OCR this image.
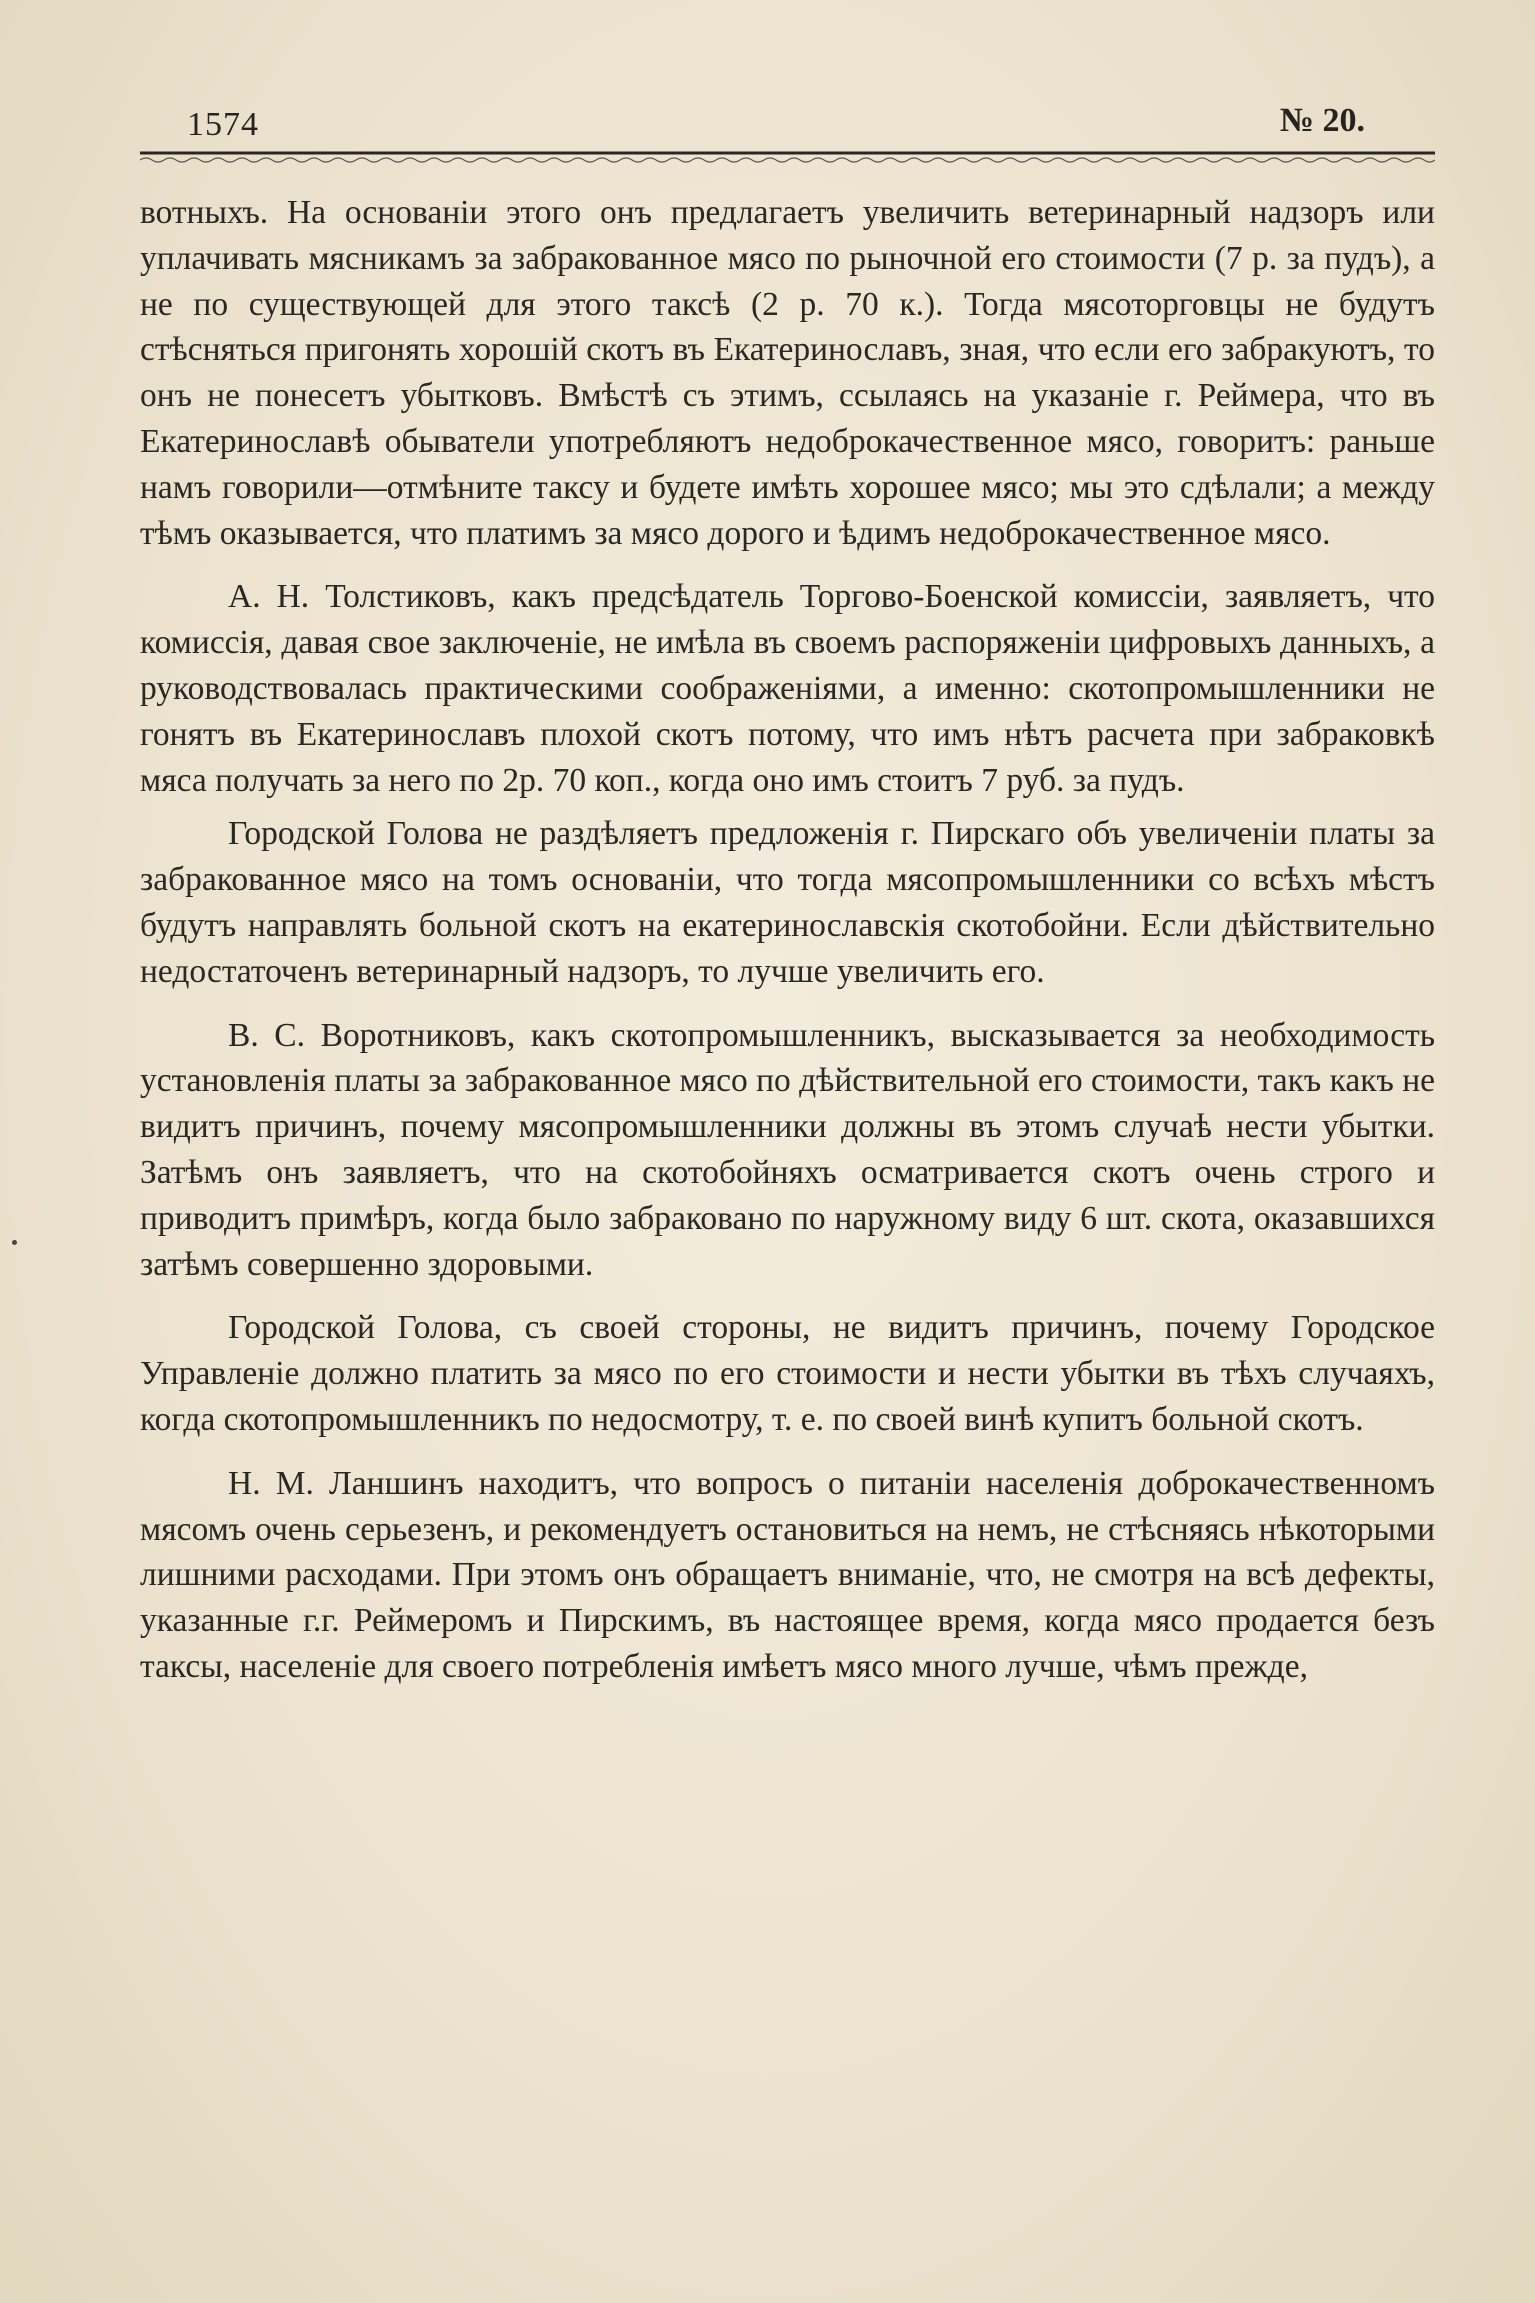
1574	№ 20.

вотныхъ. На основаніи этого онъ предлагаетъ увеличить ветеринарный надзоръ или уплачивать мясникамъ за забракованное мясо по рыночной его стоимости (7 р. за пудъ), а не по существующей для этого таксѣ (2 р. 70 к.). Тогда мясоторговцы не будутъ стѣсняться пригонять хорошій скотъ въ Екатеринославъ, зная, что если его забракуютъ, то онъ не понесетъ убытковъ. Вмѣстѣ съ этимъ, ссылаясь на указаніе г. Реймера, что въ Екатеринославѣ обыватели употребляютъ недоброкачественное мясо, говоритъ: раньше намъ говорили—отмѣните таксу и будете имѣть хорошее мясо; мы это сдѣлали; а между тѣмъ оказывается, что платимъ за мясо дорого и ѣдимъ недоброкачественное мясо.

А. Н. Толстиковъ, какъ предсѣдатель Торгово-Боенской комиссіи, заявляетъ, что комиссія, давая свое заключеніе, не имѣла въ своемъ распоряженіи цифровыхъ данныхъ, а руководствовалась практическими соображеніями, а именно: скотопромышленники не гонятъ въ Екатеринославъ плохой скотъ потому, что имъ нѣтъ расчета при забраковкѣ мяса получать за него по 2р. 70 коп., когда оно имъ стоитъ 7 руб. за пудъ.

Городской Голова не раздѣляетъ предложенія г. Пирскаго объ увеличеніи платы за забракованное мясо на томъ основаніи, что тогда мясопромышленники со всѣхъ мѣстъ будутъ направлять больной скотъ на екатеринославскія скотобойни. Если дѣйствительно недостаточенъ ветеринарный надзоръ, то лучше увеличить его.

В. С. Воротниковъ, какъ скотопромышленникъ, высказывается за необходимость установленія платы за забракованное мясо по дѣйствительной его стоимости, такъ какъ не видитъ причинъ, почему мясопромышленники должны въ этомъ случаѣ нести убытки. Затѣмъ онъ заявляетъ, что на скотобойняхъ осматривается скотъ очень строго и приводитъ примѣръ, когда было забраковано по наружному виду 6 шт. скота, оказавшихся затѣмъ совершенно здоровыми.

Городской Голова, съ своей стороны, не видитъ причинъ, почему Городское Управленіе должно платить за мясо по его стоимости и нести убытки въ тѣхъ случаяхъ, когда скотопромышленникъ по недосмотру, т. е. по своей винѣ купитъ больной скотъ.

Н. М. Ланшинъ находитъ, что вопросъ о питаніи населенія доброкачественномъ мясомъ очень серьезенъ, и рекомендуетъ остановиться на немъ, не стѣсняясь нѣкоторыми лишними расходами. При этомъ онъ обращаетъ вниманіе, что, не смотря на всѣ дефекты, указанные г.г. Реймеромъ и Пирскимъ, въ настоящее время, когда мясо продается безъ таксы, населеніе для своего потребленія имѣетъ мясо много лучше, чѣмъ прежде,
